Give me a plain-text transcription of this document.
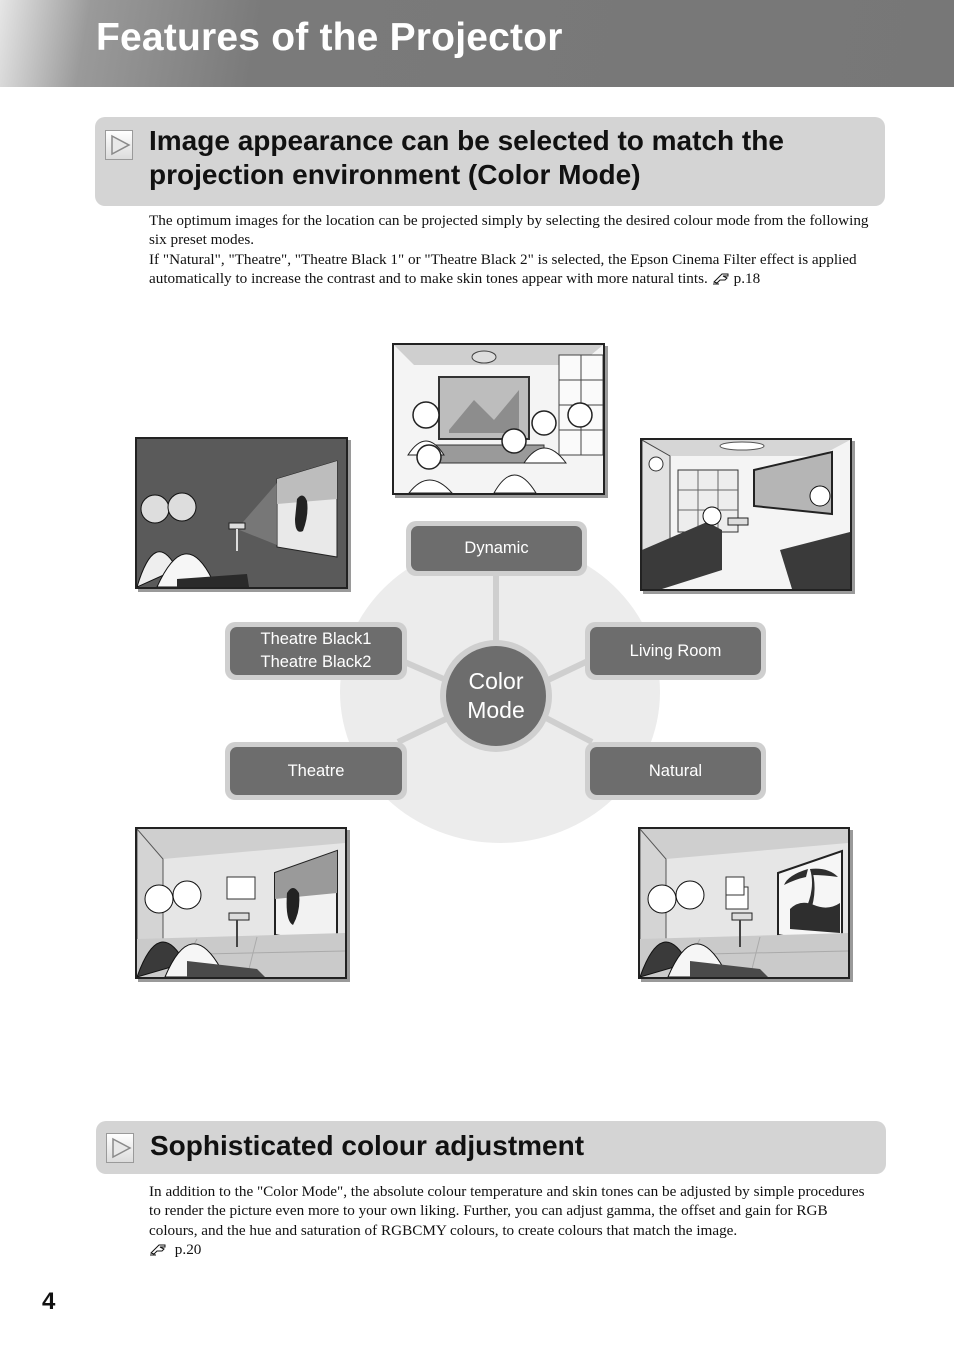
Features of the Projector
Image appearance can be selected to match the projection environment (Color Mode)
The optimum images for the location can be projected simply by selecting the desired colour mode from the following six preset modes.
If "Natural", "Theatre", "Theatre Black 1" or "Theatre Black 2" is selected, the Epson Cinema Filter effect is applied automatically to increase the contrast and to make skin tones appear with more natural tints. p.18
Color Mode
Dynamic
Theatre Black1
Theatre Black2
Living Room
Theatre	Natural
Sophisticated colour adjustment
In addition to the "Color Mode", the absolute colour temperature and skin tones can be adjusted by simple procedures to render the picture even more to your own liking. Further, you can adjust gamma, the offset and gain for RGB colours, and the hue and saturation of RGBCMY colours, to create colours that match the image.
p.20
4
